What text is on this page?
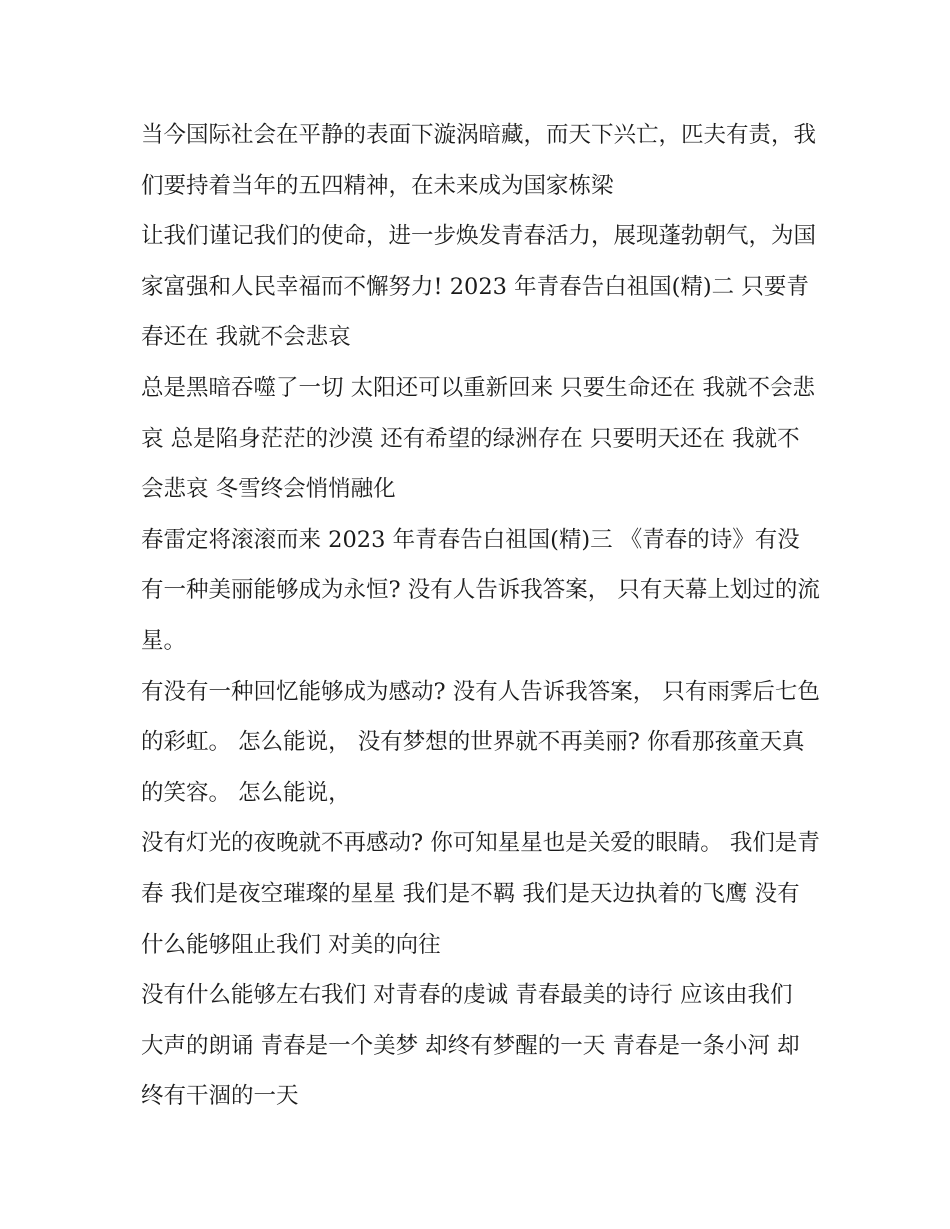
当今国际社会在平静的表面下漩涡暗藏，而天下兴亡，匹夫有责，我们要持着当年的五四精神，在未来成为国家栋梁

让我们谨记我们的使命，进一步焕发青春活力，展现蓬勃朝气，为国家富强和人民幸福而不懈努力! 2023 年青春告白祖国(精)二 只要青春还在 我就不会悲哀

总是黑暗吞噬了一切 太阳还可以重新回来 只要生命还在 我就不会悲哀 总是陷身茫茫的沙漠 还有希望的绿洲存在 只要明天还在 我就不会悲哀 冬雪终会悄悄融化

春雷定将滚滚而来 2023 年青春告白祖国(精)三 《青春的诗》有没有一种美丽能够成为永恒? 没有人告诉我答案， 只有天幕上划过的流星。

有没有一种回忆能够成为感动? 没有人告诉我答案， 只有雨霁后七色的彩虹。 怎么能说， 没有梦想的世界就不再美丽? 你看那孩童天真的笑容。 怎么能说，

没有灯光的夜晚就不再感动? 你可知星星也是关爱的眼睛。 我们是青春 我们是夜空璀璨的星星 我们是不羁 我们是天边执着的飞鹰 没有什么能够阻止我们 对美的向往

没有什么能够左右我们 对青春的虔诚 青春最美的诗行 应该由我们 大声的朗诵 青春是一个美梦 却终有梦醒的一天 青春是一条小河 却终有干涸的一天
